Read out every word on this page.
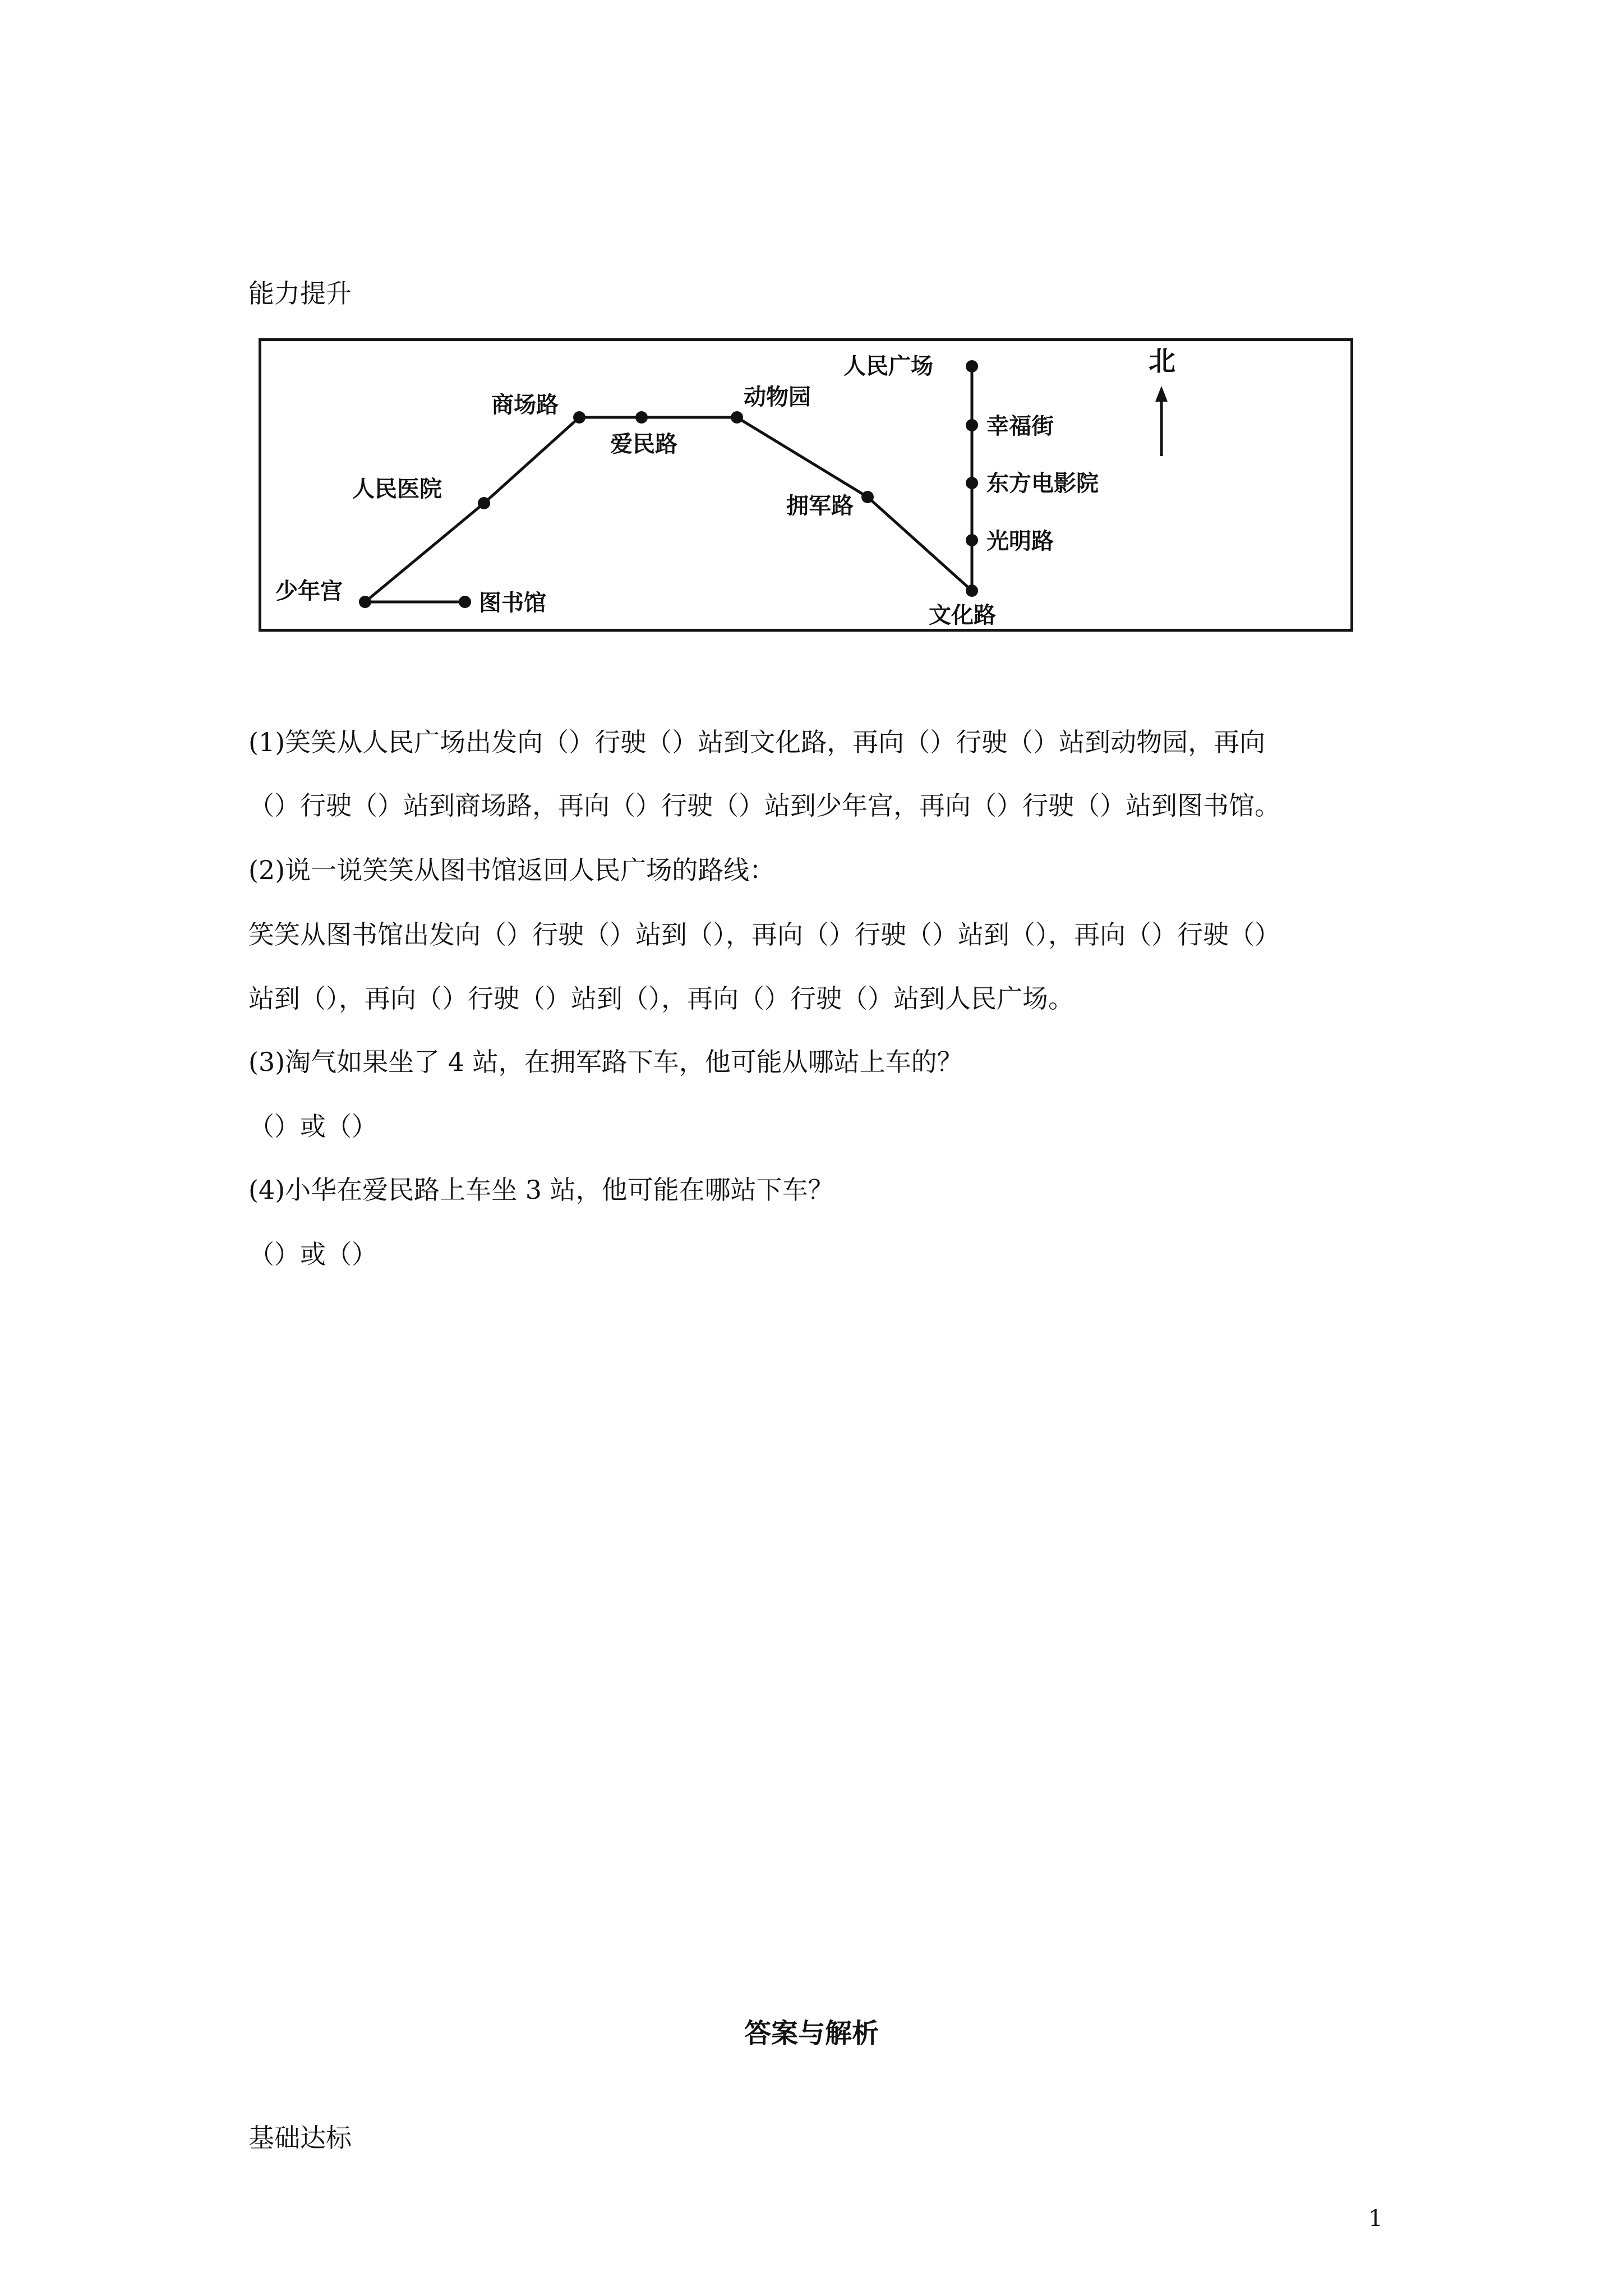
能力提升
人民广场
幸福街
东方电影院
光明路
文化路
拥军路
动物园
爱民路
商场路
人民医院
少年宫	图书馆
北
(1)笑笑从人民广场出发向（）行驶（）站到文化路，再向（）行驶（）站到动物园，再向
（）行驶（）站到商场路，再向（）行驶（）站到少年宫，再向（）行驶（）站到图书馆。
(2)说一说笑笑从图书馆返回人民广场的路线：
笑笑从图书馆出发向（）行驶（）站到（），再向（）行驶（）站到（），再向（）行驶（）
站到（），再向（）行驶（）站到（），再向（）行驶（）站到人民广场。
(3)淘气如果坐了 4 站，在拥军路下车，他可能从哪站上车的？
（）或（）
(4)小华在爱民路上车坐 3 站，他可能在哪站下车？
（）或（）
答案与解析
基础达标
1
